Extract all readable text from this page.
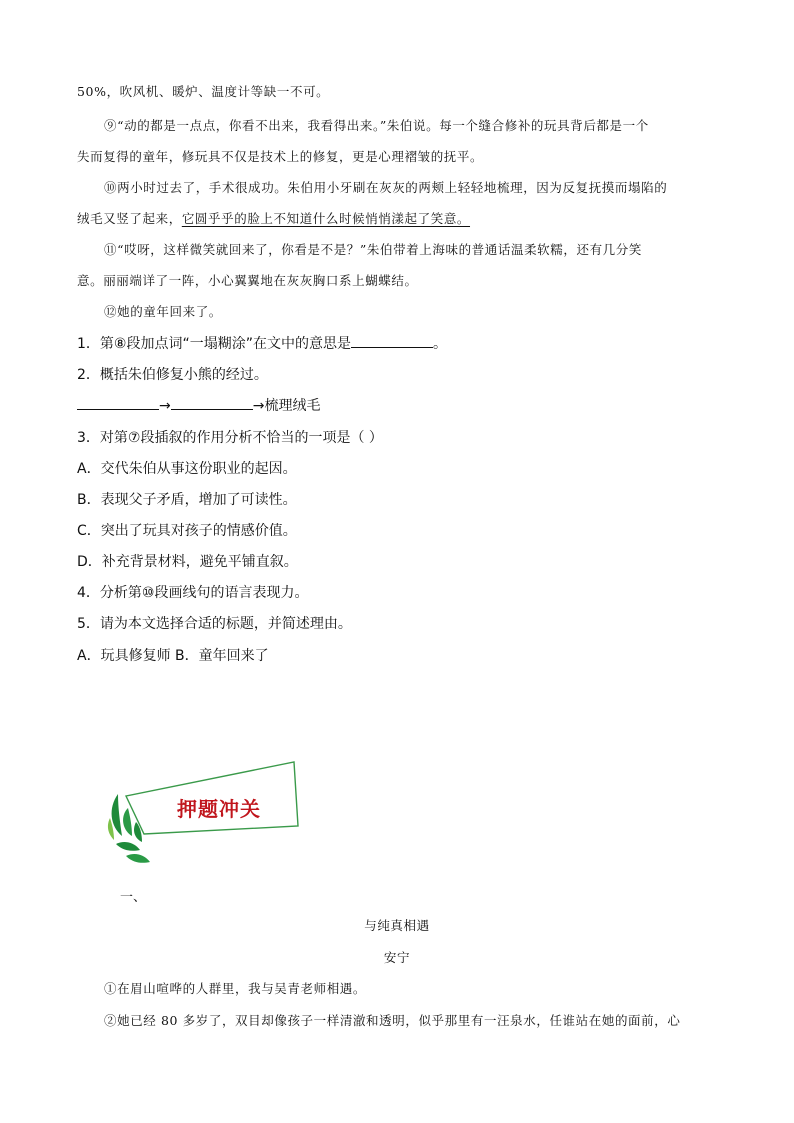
50%，吹风机、暖炉、温度计等缺一不可。
⑨“动的都是一点点，你看不出来，我看得出来。”朱伯说。每一个缝合修补的玩具背后都是一个
失而复得的童年，修玩具不仅是技术上的修复，更是心理褶皱的抚平。
⑩两小时过去了，手术很成功。朱伯用小牙刷在灰灰的两颊上轻轻地梳理，因为反复抚摸而塌陷的
绒毛又竖了起来，它圆乎乎的脸上不知道什么时候悄悄漾起了笑意。
⑪“哎呀，这样微笑就回来了，你看是不是？”朱伯带着上海味的普通话温柔软糯，还有几分笑
意。丽丽端详了一阵，小心翼翼地在灰灰胸口系上蝴蝶结。
⑫她的童年回来了。
1．第⑧段加点词“一塌糊涂”在文中的意思是	。
2．概括朱伯修复小熊的经过。
→	→梳理绒毛
3．对第⑦段插叙的作用分析不恰当的一项是（ ）
A．交代朱伯从事这份职业的起因。
B．表现父子矛盾，增加了可读性。
C．突出了玩具对孩子的情感价值。
D．补充背景材料，避免平铺直叙。
4．分析第⑩段画线句的语言表现力。
5．请为本文选择合适的标题，并简述理由。
A．玩具修复师 B．童年回来了
押题冲关
一、
与纯真相遇
安宁
①在眉山喧哗的人群里，我与吴青老师相遇。
②她已经 80 多岁了，双目却像孩子一样清澈和透明，似乎那里有一汪泉水，任谁站在她的面前，心
